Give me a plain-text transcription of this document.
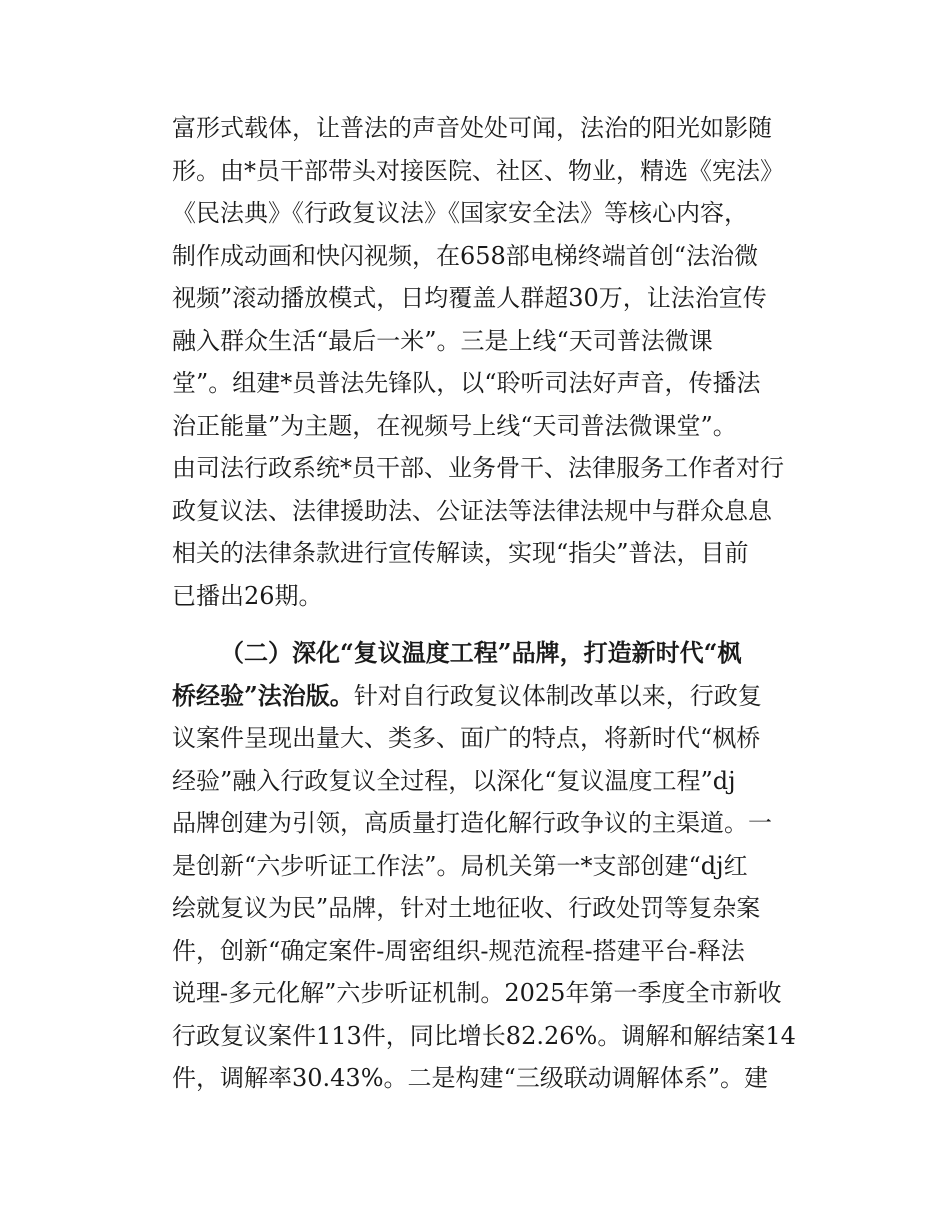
富形式载体，让普法的声音处处可闻，法治的阳光如影随
形。由*员干部带头对接医院、社区、物业，精选《宪法》
《民法典》《行政复议法》《国家安全法》等核心内容，
制作成动画和快闪视频，在658部电梯终端首创“法治微
视频”滚动播放模式，日均覆盖人群超30万，让法治宣传
融入群众生活“最后一米”。三是上线“天司普法微课
堂”。组建*员普法先锋队，以“聆听司法好声音，传播法
治正能量”为主题，在视频号上线“天司普法微课堂”。
由司法行政系统*员干部、业务骨干、法律服务工作者对行
政复议法、法律援助法、公证法等法律法规中与群众息息
相关的法律条款进行宣传解读，实现“指尖”普法，目前
已播出26期。
（二）深化“复议温度工程”品牌，打造新时代“枫
桥经验”法治版。针对自行政复议体制改革以来，行政复
议案件呈现出量大、类多、面广的特点，将新时代“枫桥
经验”融入行政复议全过程，以深化“复议温度工程”dj
品牌创建为引领，高质量打造化解行政争议的主渠道。一
是创新“六步听证工作法”。局机关第一*支部创建“dj红
绘就复议为民”品牌，针对土地征收、行政处罚等复杂案
件，创新“确定案件-周密组织-规范流程-搭建平台-释法
说理-多元化解”六步听证机制。2025年第一季度全市新收
行政复议案件113件，同比增长82.26%。调解和解结案14
件，调解率30.43%。二是构建“三级联动调解体系”。建
